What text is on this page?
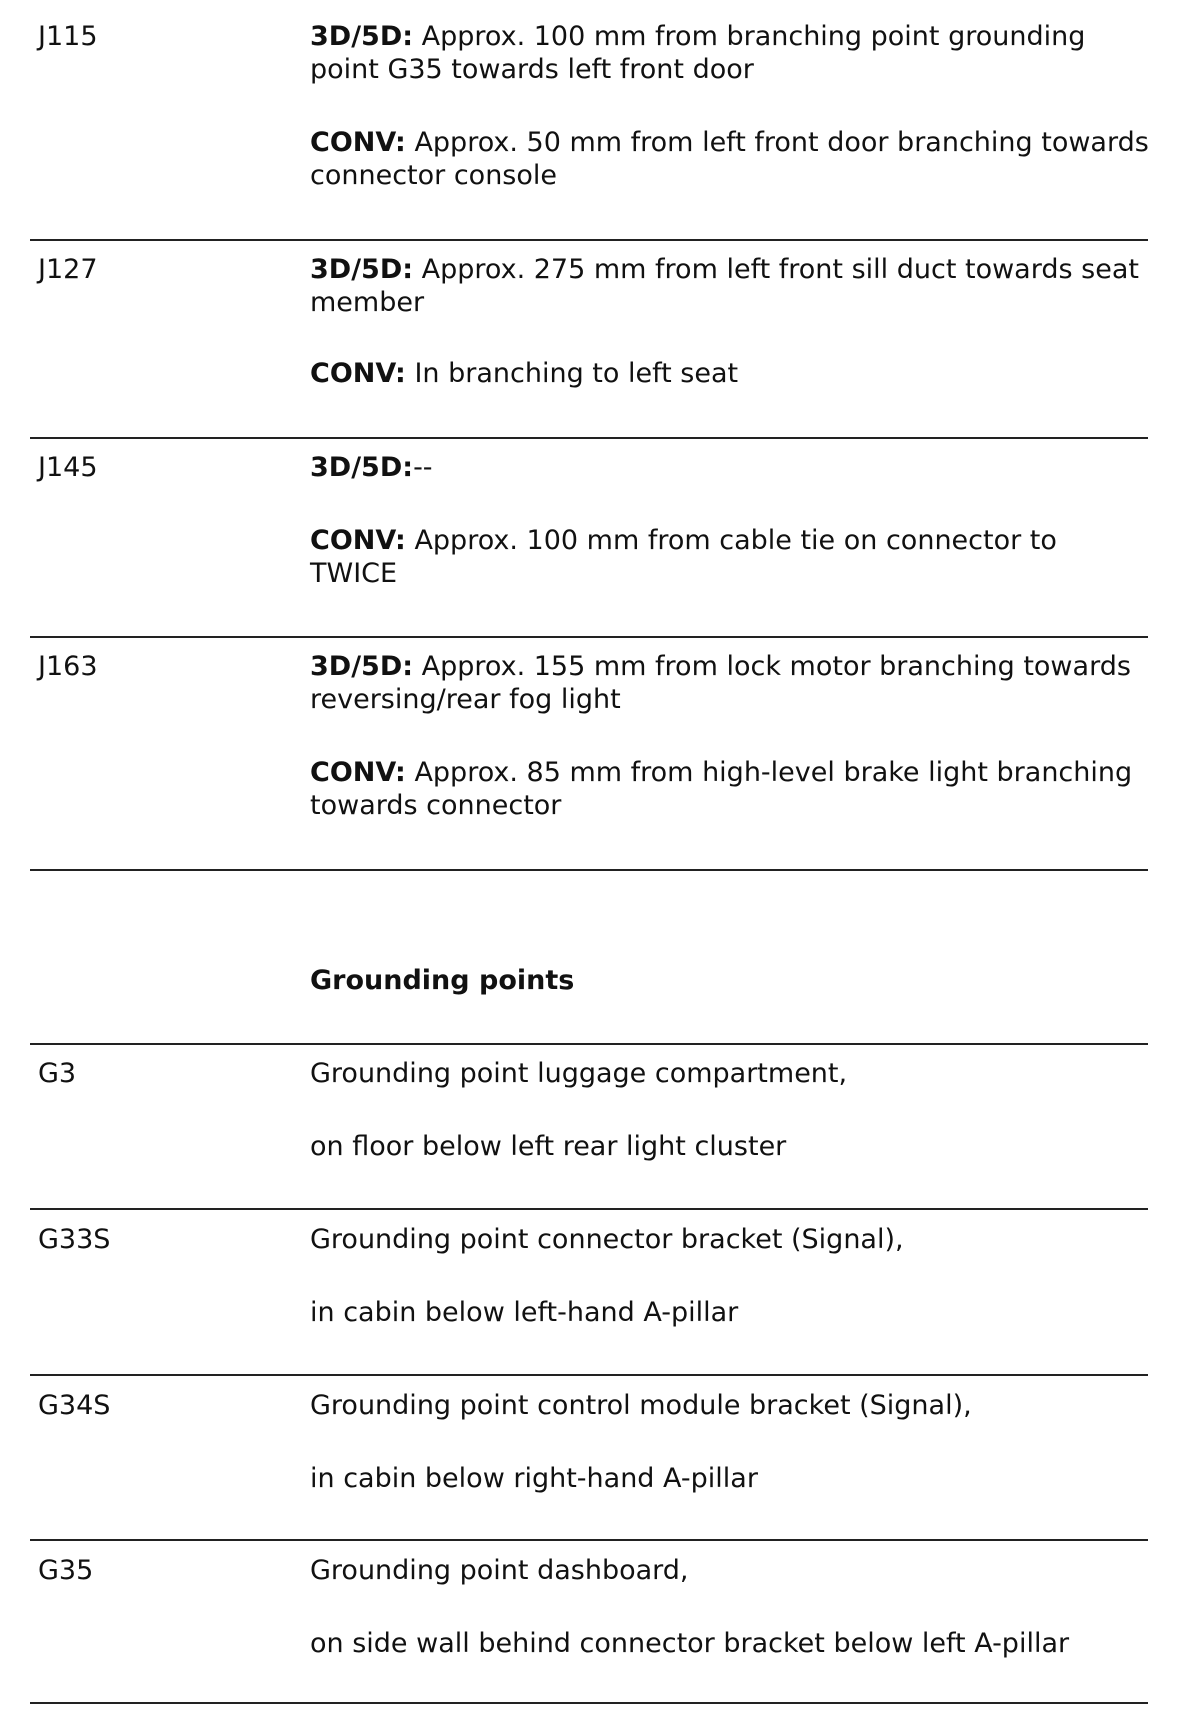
J115	3D/5D: Approx. 100 mm from branching point grounding point G35 towards left front door
CONV: Approx. 50 mm from left front door branching towards connector console
J127	3D/5D: Approx. 275 mm from left front sill duct towards seat member
CONV: In branching to left seat
J145	3D/5D:--
CONV: Approx. 100 mm from cable tie on connector to TWICE
J163	3D/5D: Approx. 155 mm from lock motor branching towards reversing/rear fog light
CONV: Approx. 85 mm from high-level brake light branching towards connector
Grounding points
G3	Grounding point luggage compartment,
on floor below left rear light cluster
G33S	Grounding point connector bracket (Signal),
in cabin below left-hand A-pillar
G34S	Grounding point control module bracket (Signal),
in cabin below right-hand A-pillar
G35	Grounding point dashboard,
on side wall behind connector bracket below left A-pillar
